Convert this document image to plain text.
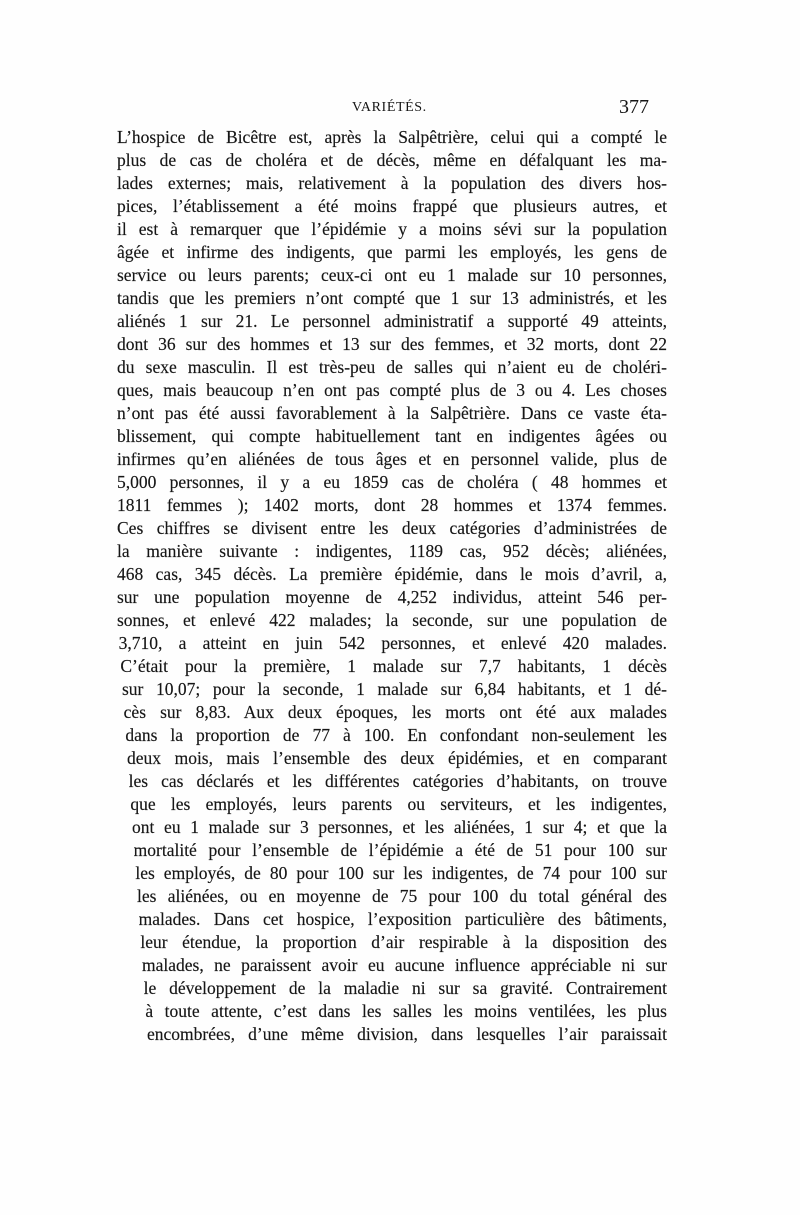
VARIÉTÉS.	377
L’hospice de Bicêtre est, après la Salpêtrière, celui qui a compté le
plus de cas de choléra et de décès, même en défalquant les ma-
lades externes; mais, relativement à la population des divers hos-
pices, l’établissement a été moins frappé que plusieurs autres, et
il est à remarquer que l’épidémie y a moins sévi sur la population
âgée et infirme des indigents, que parmi les employés, les gens de
service ou leurs parents; ceux-ci ont eu 1 malade sur 10 personnes,
tandis que les premiers n’ont compté que 1 sur 13 administrés, et les
aliénés 1 sur 21. Le personnel administratif a supporté 49 atteints,
dont 36 sur des hommes et 13 sur des femmes, et 32 morts, dont 22
du sexe masculin. Il est très-peu de salles qui n’aient eu de choléri-
ques, mais beaucoup n’en ont pas compté plus de 3 ou 4. Les choses
n’ont pas été aussi favorablement à la Salpêtrière. Dans ce vaste éta-
blissement, qui compte habituellement tant en indigentes âgées ou
infirmes qu’en aliénées de tous âges et en personnel valide, plus de
5,000 personnes, il y a eu 1859 cas de choléra ( 48 hommes et
1811 femmes ); 1402 morts, dont 28 hommes et 1374 femmes.
Ces chiffres se divisent entre les deux catégories d’administrées de
la manière suivante : indigentes, 1189 cas, 952 décès; aliénées,
468 cas, 345 décès. La première épidémie, dans le mois d’avril, a,
sur une population moyenne de 4,252 individus, atteint 546 per-
sonnes, et enlevé 422 malades; la seconde, sur une population de
3,710, a atteint en juin 542 personnes, et enlevé 420 malades.
C’était pour la première, 1 malade sur 7,7 habitants, 1 décès
sur 10,07; pour la seconde, 1 malade sur 6,84 habitants, et 1 dé-
cès sur 8,83. Aux deux époques, les morts ont été aux malades
dans la proportion de 77 à 100. En confondant non-seulement les
deux mois, mais l’ensemble des deux épidémies, et en comparant
les cas déclarés et les différentes catégories d’habitants, on trouve
que les employés, leurs parents ou serviteurs, et les indigentes,
ont eu 1 malade sur 3 personnes, et les aliénées, 1 sur 4; et que la
mortalité pour l’ensemble de l’épidémie a été de 51 pour 100 sur
les employés, de 80 pour 100 sur les indigentes, de 74 pour 100 sur
les aliénées, ou en moyenne de 75 pour 100 du total général des
malades. Dans cet hospice, l’exposition particulière des bâtiments,
leur étendue, la proportion d’air respirable à la disposition des
malades, ne paraissent avoir eu aucune influence appréciable ni sur
le développement de la maladie ni sur sa gravité. Contrairement
à toute attente, c’est dans les salles les moins ventilées, les plus
encombrées, d’une même division, dans lesquelles l’air paraissait
